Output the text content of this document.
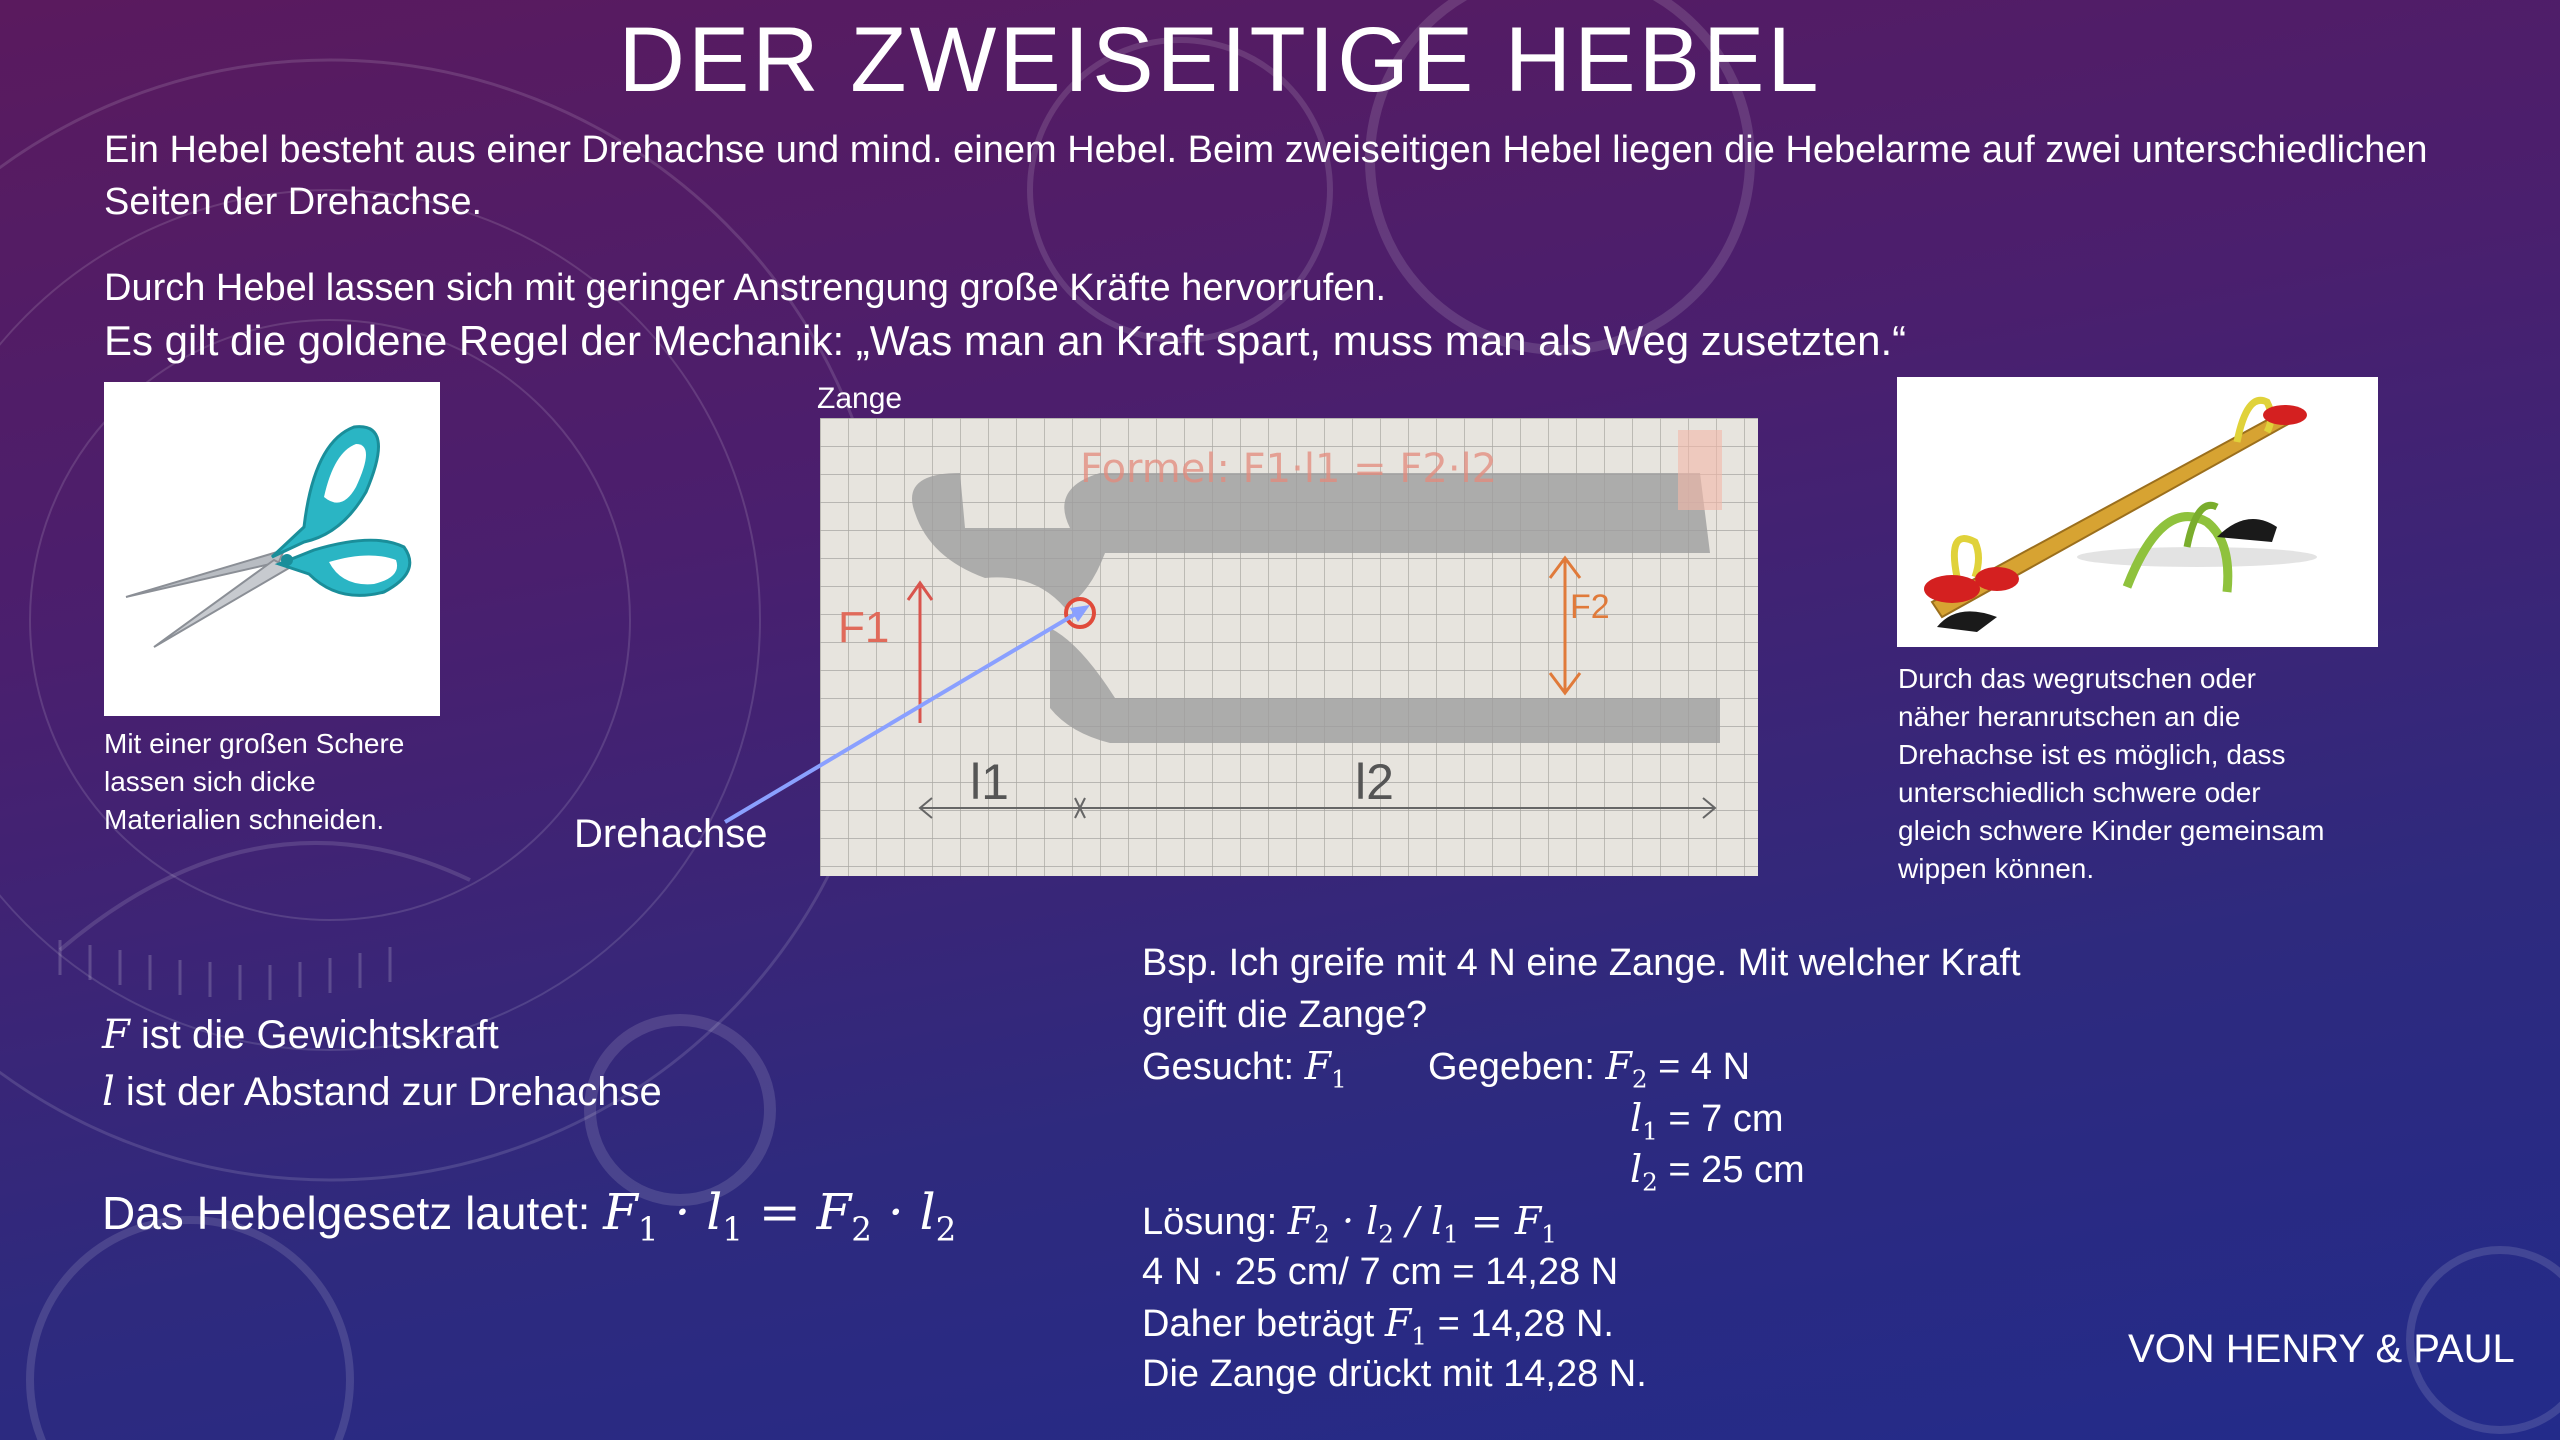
DER ZWEISEITIGE HEBEL
Ein Hebel besteht aus einer Drehachse und mind. einem Hebel. Beim zweiseitigen Hebel liegen die Hebelarme auf zwei unterschiedlichen
Seiten der Drehachse.
Durch Hebel lassen sich mit geringer Anstrengung große Kräfte hervorrufen.
Es gilt die goldene Regel der Mechanik: „Was man an Kraft spart, muss man als Weg zusetzten.“
Mit einer großen Schere
lassen sich dicke
Materialien schneiden.
Zange
Formel: F1·l1 = F2·l2
F1	F2
l1	l2
Drehachse
Durch das wegrutschen oder
näher heranrutschen an die
Drehachse ist es möglich, dass
unterschiedlich schwere oder
gleich schwere Kinder gemeinsam
wippen können.
F ist die Gewichtskraft
l ist der Abstand zur Drehachse
Das Hebelgesetz lautet: $F_1 \cdot l_1 = F_2 \cdot l_2$
Bsp. Ich greife mit 4 N eine Zange. Mit welcher Kraft
greift die Zange?
Gesucht: $F_1$ Gegeben: $F_2 = 4$ N
$l_1 = 7$ cm
$l_2 = 25$ cm
Lösung: $F_2 \cdot l_2 / l_1 = F_1$
4 N · 25 cm/ 7 cm = 14,28 N
Daher beträgt $F_1 = 14,28$ N.
Die Zange drückt mit 14,28 N.
VON HENRY & PAUL
